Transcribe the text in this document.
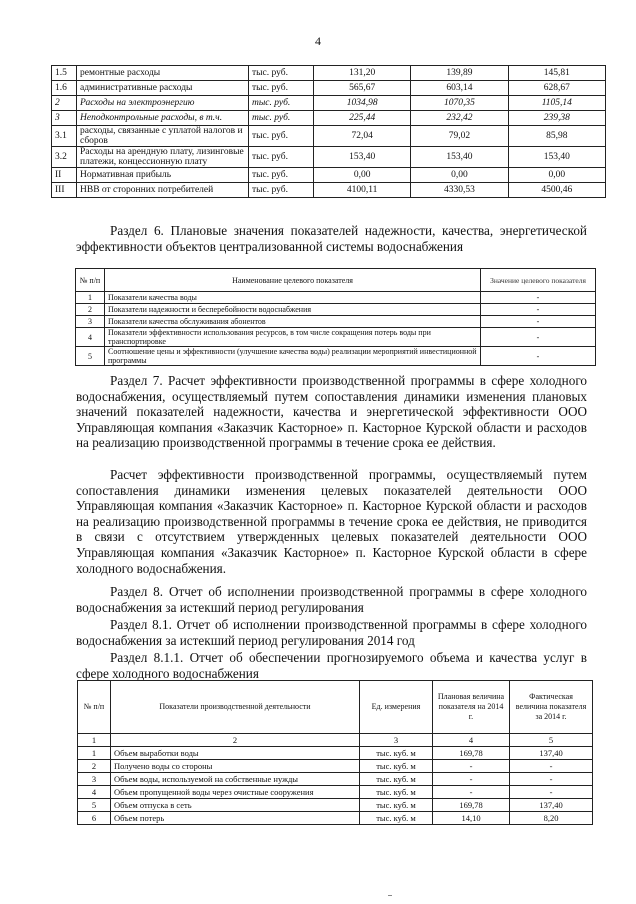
4
1.5	ремонтные расходы	тыс. руб.	131,20	139,89	145,81
1.6	административные расходы	тыс. руб.	565,67	603,14	628,67
2	Расходы на электроэнергию	тыс. руб.	1034,98	1070,35	1105,14
3	Неподконтрольные расходы, в т.ч.	тыс. руб.	225,44	232,42	239,38
3.1	расходы, связанные с уплатой налогов и сборов	тыс. руб.	72,04	79,02	85,98
3.2	Расходы на арендную плату, лизинговые платежи, концессионную плату	тыс. руб.	153,40	153,40	153,40
II	Нормативная прибыль	тыс. руб.	0,00	0,00	0,00
III	НВВ от сторонних потребителей	тыс. руб.	4100,11	4330,53	4500,46

Раздел 6. Плановые значения показателей надежности, качества, энергетической эффективности объектов централизованной системы водоснабжения

№ п/п	Наименование целевого показателя	Значение целевого показателя
1	Показатели качества воды	-
2	Показатели надежности и бесперебойности водоснабжения	-
3	Показатели качества обслуживания абонентов	-
4	Показатели эффективности использования ресурсов, в том числе сокращения потерь воды при транспортировке	-
5	Соотношение цены и эффективности (улучшение качества воды) реализации мероприятий инвестиционной программы	-

Раздел 7. Расчет эффективности производственной программы в сфере холодного водоснабжения, осуществляемый путем сопоставления динамики изменения плановых значений показателей надежности, качества и энергетической эффективности ООО Управляющая компания «Заказчик Касторное» п. Касторное Курской области и расходов на реализацию производственной программы в течение срока ее действия.

Расчет эффективности производственной программы, осуществляемый путем сопоставления динамики изменения целевых показателей деятельности ООО Управляющая компания «Заказчик Касторное» п. Касторное Курской области и расходов на реализацию производственной программы в течение срока ее действия, не приводится в связи с отсутствием утвержденных целевых показателей деятельности ООО Управляющая компания «Заказчик Касторное» п. Касторное Курской области в сфере холодного водоснабжения.

Раздел 8. Отчет об исполнении производственной программы в сфере холодного водоснабжения за истекший период регулирования

Раздел 8.1. Отчет об исполнении производственной программы в сфере холодного водоснабжения за истекший период регулирования 2014 год

Раздел 8.1.1. Отчет об обеспечении прогнозируемого объема и качества услуг в сфере холодного водоснабжения

№ п/п	Показатели производственной деятельности	Ед. измерения	Плановая величина показателя на 2014 г.	Фактическая величина показателя за 2014 г.
1	2	3	4	5
1	Объем выработки воды	тыс. куб. м	169,78	137,40
2	Получено воды со стороны	тыс. куб. м	-	-
3	Объем воды, используемой на собственные нужды	тыс. куб. м	-	-
4	Объем пропущенной воды через очистные сооружения	тыс. куб. м	-	-
5	Объем отпуска в сеть	тыс. куб. м	169,78	137,40
6	Объем потерь	тыс. куб. м	14,10	8,20
